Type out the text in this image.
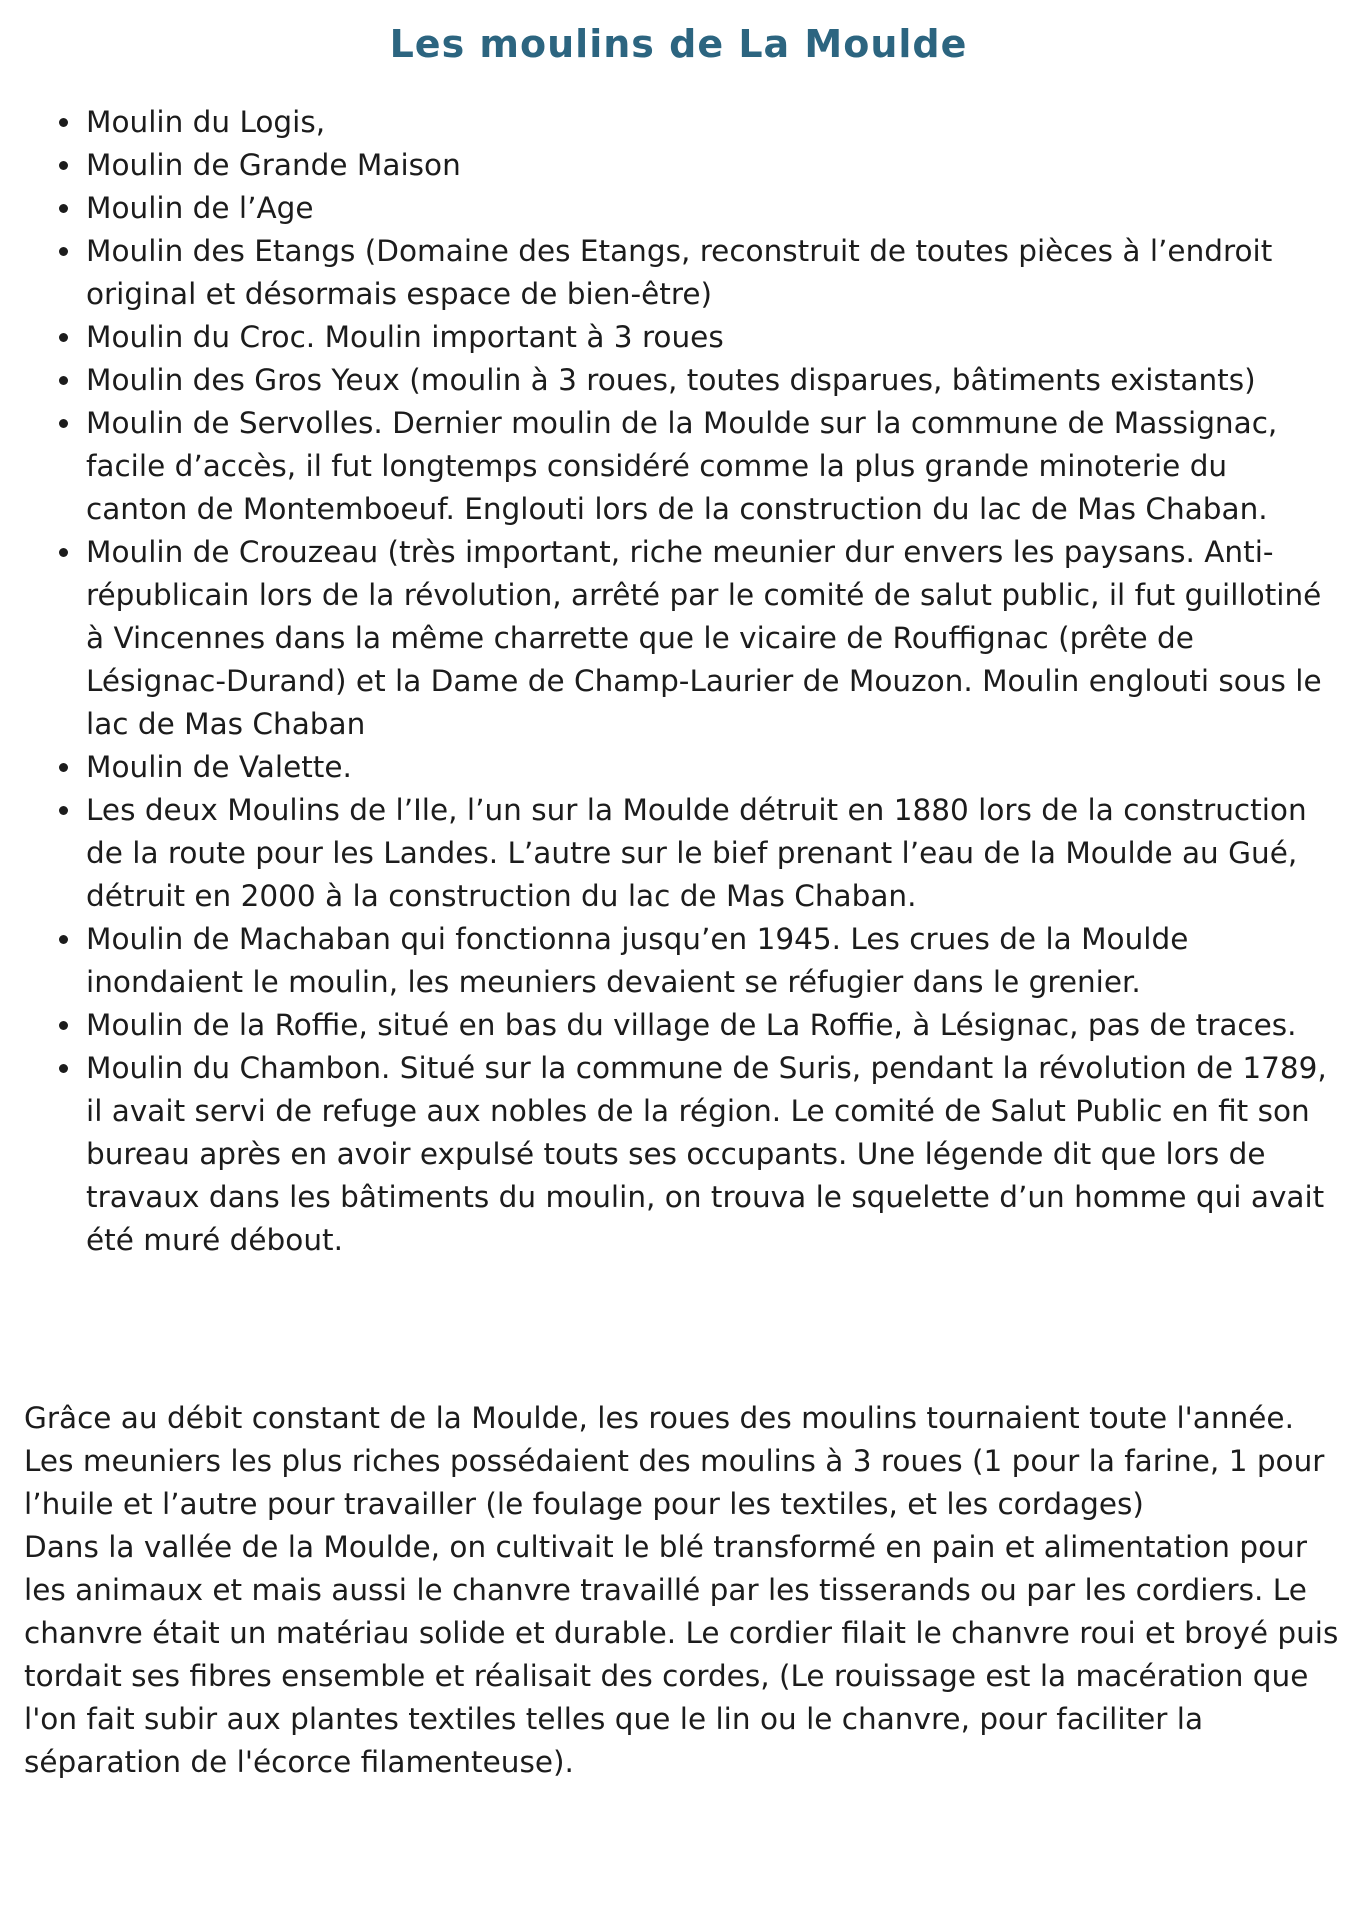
Les moulins de La Moulde
Moulin du Logis,
Moulin de Grande Maison
Moulin de l’Age
Moulin des Etangs (Domaine des Etangs, reconstruit de toutes pièces à l’endroit original et désormais espace de bien-être)
Moulin du Croc. Moulin important à 3 roues
Moulin des Gros Yeux (moulin à 3 roues, toutes disparues, bâtiments existants)
Moulin de Servolles. Dernier moulin de la Moulde sur la commune de Massignac, facile d’accès, il fut longtemps considéré comme la plus grande minoterie du canton de Montemboeuf. Englouti lors de la construction du lac de Mas Chaban.
Moulin de Crouzeau (très important, riche meunier dur envers les paysans. Anti-républicain lors de la révolution, arrêté par le comité de salut public, il fut guillotiné à Vincennes dans la même charrette que le vicaire de Rouffignac (prête de Lésignac-Durand) et la Dame de Champ-Laurier de Mouzon. Moulin englouti sous le lac de Mas Chaban
Moulin de Valette.
Les deux Moulins de l’Ile, l’un sur la Moulde détruit en 1880 lors de la construction de la route pour les Landes. L’autre sur le bief prenant l’eau de la Moulde au Gué, détruit en 2000 à la construction du lac de Mas Chaban.
Moulin de Machaban qui fonctionna jusqu’en 1945. Les crues de la Moulde inondaient le moulin, les meuniers devaient se réfugier dans le grenier.
Moulin de la Roffie, situé en bas du village de La Roffie, à Lésignac, pas de traces.
Moulin du Chambon. Situé sur la commune de Suris, pendant la révolution de 1789, il avait servi de refuge aux nobles de la région. Le comité de Salut Public en fit son bureau après en avoir expulsé touts ses occupants. Une légende dit que lors de travaux dans les bâtiments du moulin, on trouva le squelette d’un homme qui avait été muré débout.

Grâce au débit constant de la Moulde, les roues des moulins tournaient toute l'année. Les meuniers les plus riches possédaient des moulins à 3 roues (1 pour la farine, 1 pour l’huile et l’autre pour travailler (le foulage pour les textiles, et les cordages)

Dans la vallée de la Moulde, on cultivait le blé transformé en pain et alimentation pour les animaux et mais aussi le chanvre travaillé par les tisserands ou par les cordiers. Le chanvre était un matériau solide et durable. Le cordier filait le chanvre roui et broyé puis tordait ses fibres ensemble et réalisait des cordes, (Le rouissage est la macération que l'on fait subir aux plantes textiles telles que le lin ou le chanvre, pour faciliter la séparation de l'écorce filamenteuse).
